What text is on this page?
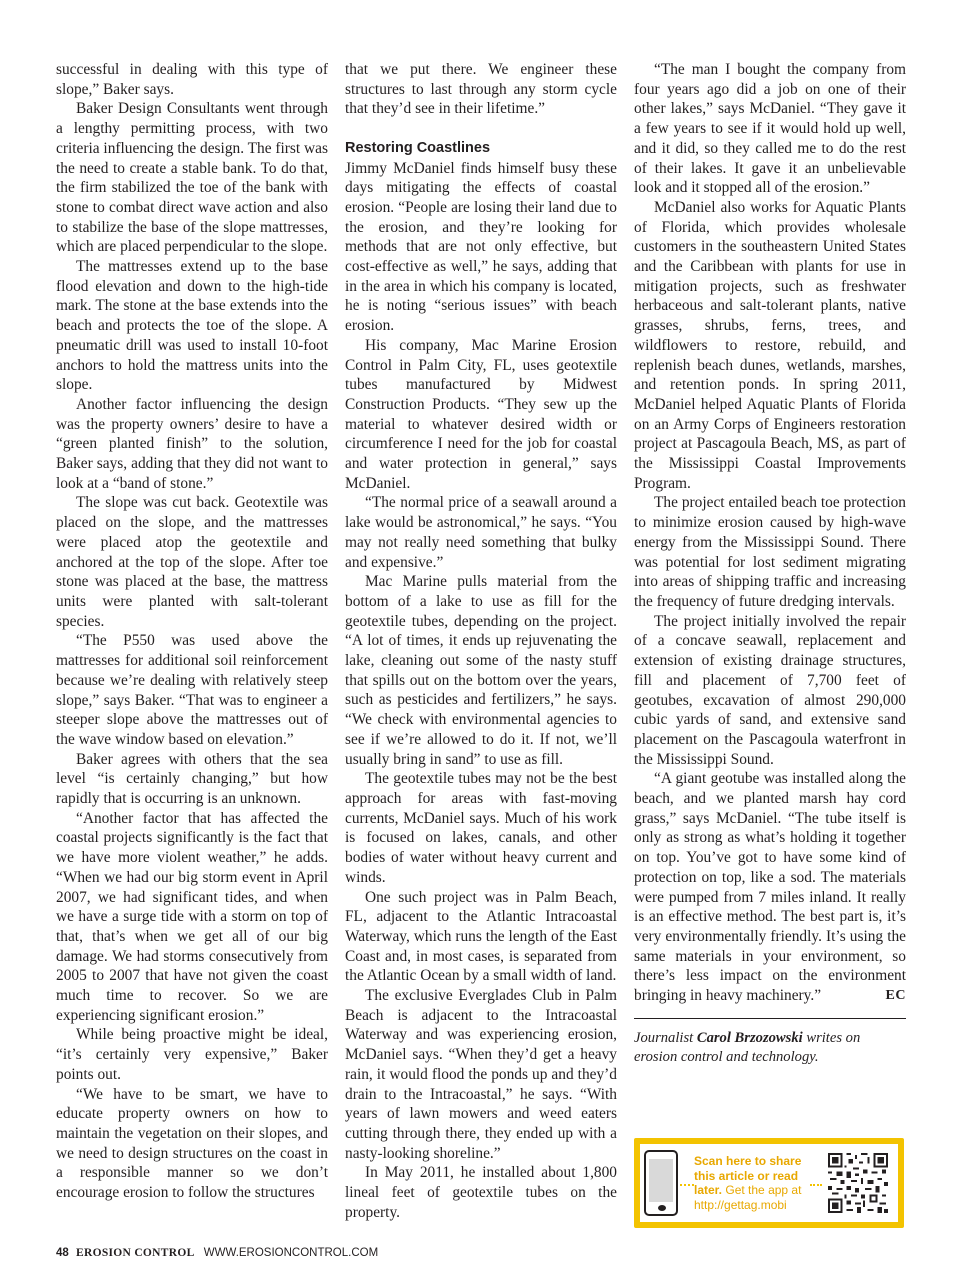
successful in dealing with this type of slope,” Baker says.

Baker Design Consultants went through a lengthy permitting process, with two criteria influencing the design. The first was the need to create a stable bank. To do that, the firm stabilized the toe of the bank with stone to combat direct wave action and also to stabilize the base of the slope mattresses, which are placed perpendicular to the slope.

The mattresses extend up to the base flood elevation and down to the high-tide mark. The stone at the base extends into the beach and protects the toe of the slope. A pneumatic drill was used to install 10-foot anchors to hold the mattress units into the slope.

Another factor influencing the design was the property owners’ desire to have a “green planted finish” to the solution, Baker says, adding that they did not want to look at a “band of stone.”

The slope was cut back. Geotextile was placed on the slope, and the mattresses were placed atop the geotextile and anchored at the top of the slope. After toe stone was placed at the base, the mattress units were planted with salt-tolerant species.

“The P550 was used above the mattresses for additional soil reinforcement because we’re dealing with relatively steep slope,” says Baker. “That was to engineer a steeper slope above the mattresses out of the wave window based on elevation.”

Baker agrees with others that the sea level “is certainly changing,” but how rapidly that is occurring is an unknown.

“Another factor that has affected the coastal projects significantly is the fact that we have more violent weather,” he adds. “When we had our big storm event in April 2007, we had significant tides, and when we have a surge tide with a storm on top of that, that’s when we get all of our big damage. We had storms consecutively from 2005 to 2007 that have not given the coast much time to recover. So we are experiencing significant erosion.”

While being proactive might be ideal, “it’s certainly very expensive,” Baker points out.

“We have to be smart, we have to educate property owners on how to maintain the vegetation on their slopes, and we need to design structures on the coast in a responsible manner so we don’t encourage erosion to follow the structures

that we put there. We engineer these structures to last through any storm cycle that they’d see in their lifetime.”

Restoring Coastlines

Jimmy McDaniel finds himself busy these days mitigating the effects of coastal erosion. “People are losing their land due to the erosion, and they’re looking for methods that are not only effective, but cost-effective as well,” he says, adding that in the area in which his company is located, he is noting “serious issues” with beach erosion.

His company, Mac Marine Erosion Control in Palm City, FL, uses geotextile tubes manufactured by Midwest Construction Products. “They sew up the material to whatever desired width or circumference I need for the job for coastal and water protection in general,” says McDaniel.

“The normal price of a seawall around a lake would be astronomical,” he says. “You may not really need something that bulky and expensive.”

Mac Marine pulls material from the bottom of a lake to use as fill for the geotextile tubes, depending on the project. “A lot of times, it ends up rejuvenating the lake, cleaning out some of the nasty stuff that spills out on the bottom over the years, such as pesticides and fertilizers,” he says. “We check with environmental agencies to see if we’re allowed to do it. If not, we’ll usually bring in sand” to use as fill.

The geotextile tubes may not be the best approach for areas with fast-moving currents, McDaniel says. Much of his work is focused on lakes, canals, and other bodies of water without heavy current and winds.

One such project was in Palm Beach, FL, adjacent to the Atlantic Intracoastal Waterway, which runs the length of the East Coast and, in most cases, is separated from the Atlantic Ocean by a small width of land.

The exclusive Everglades Club in Palm Beach is adjacent to the Intracoastal Waterway and was experiencing erosion, McDaniel says. “When they’d get a heavy rain, it would flood the ponds up and they’d drain to the Intracoastal,” he says. “With years of lawn mowers and weed eaters cutting through there, they ended up with a nasty-looking shoreline.”

In May 2011, he installed about 1,800 lineal feet of geotextile tubes on the property.

“The man I bought the company from four years ago did a job on one of their other lakes,” says McDaniel. “They gave it a few years to see if it would hold up well, and it did, so they called me to do the rest of their lakes. It gave it an unbelievable look and it stopped all of the erosion.”

McDaniel also works for Aquatic Plants of Florida, which provides wholesale customers in the southeastern United States and the Caribbean with plants for use in mitigation projects, such as freshwater herbaceous and salt-tolerant plants, native grasses, shrubs, ferns, trees, and wildflowers to restore, rebuild, and replenish beach dunes, wetlands, marshes, and retention ponds. In spring 2011, McDaniel helped Aquatic Plants of Florida on an Army Corps of Engineers restoration project at Pascagoula Beach, MS, as part of the Mississippi Coastal Improvements Program.

The project entailed beach toe protection to minimize erosion caused by high-wave energy from the Mississippi Sound. There was potential for lost sediment migrating into areas of shipping traffic and increasing the frequency of future dredging intervals.

The project initially involved the repair of a concave seawall, replacement and extension of existing drainage structures, fill and placement of 7,700 feet of geotubes, excavation of almost 290,000 cubic yards of sand, and extensive sand placement on the Pascagoula waterfront in the Mississippi Sound.

“A giant geotube was installed along the beach, and we planted marsh hay cord grass,” says McDaniel. “The tube itself is only as strong as what’s holding it together on top. You’ve got to have some kind of protection on top, like a sod. The materials were pumped from 7 miles inland. It really is an effective method. The best part is, it’s very environmentally friendly. It’s using the same materials in your environment, so there’s less impact on the environment bringing in heavy machinery.”	EC

Journalist Carol Brzozowski writes on erosion control and technology.

Scan here to share this article or read later. Get the app at http://gettag.mobi
48 EROSION CONTROL WWW.EROSIONCONTROL.COM
